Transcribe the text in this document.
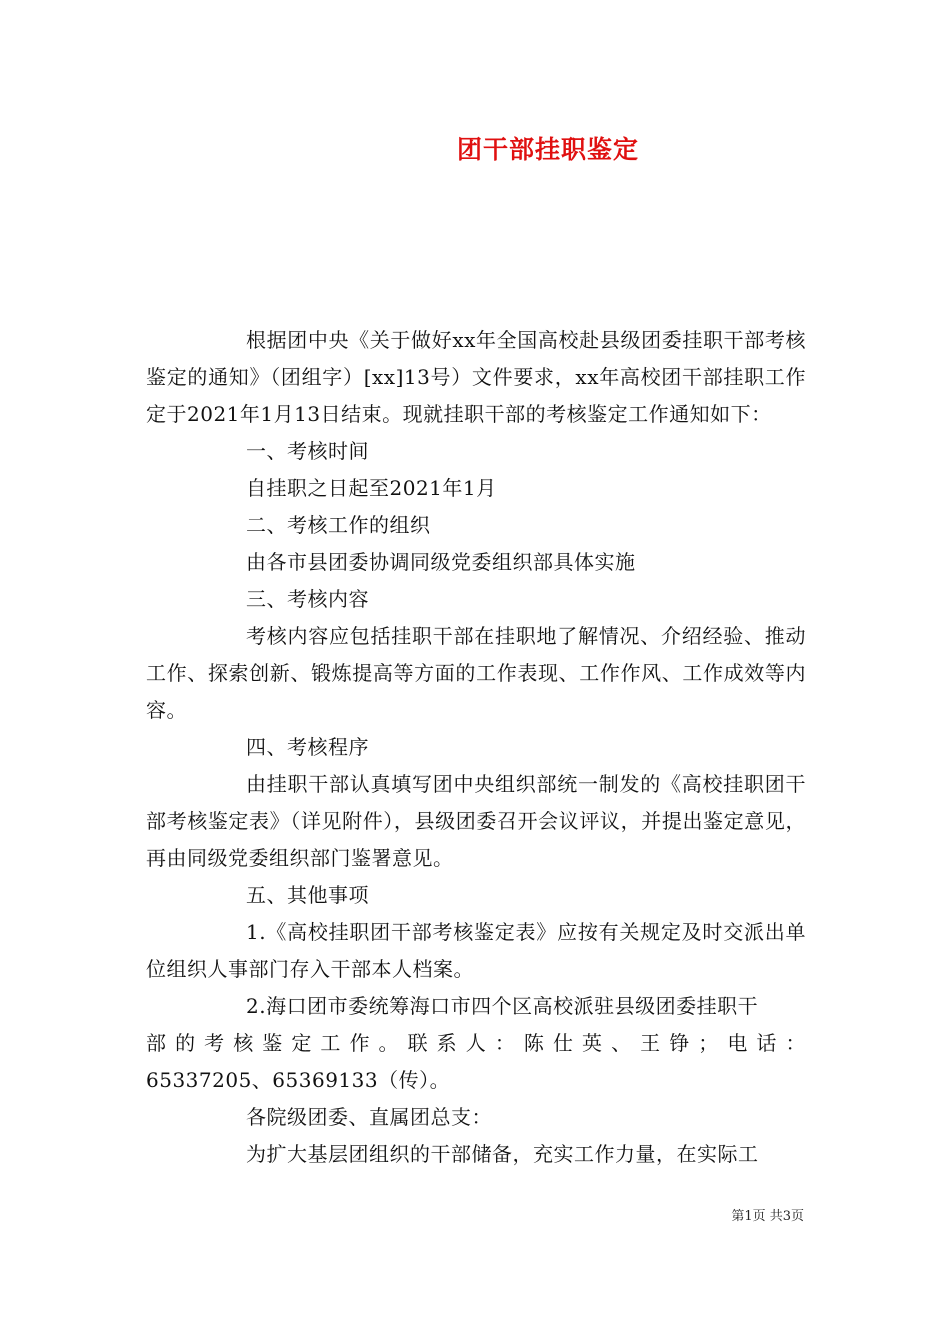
团干部挂职鉴定

根据团中央《关于做好xx年全国高校赴县级团委挂职干部考核鉴定的通知》（团组字）[xx]13号）文件要求，xx年高校团干部挂职工作定于2021年1月13日结束。现就挂职干部的考核鉴定工作通知如下：

一、考核时间

自挂职之日起至2021年1月

二、考核工作的组织

由各市县团委协调同级党委组织部具体实施

三、考核内容

考核内容应包括挂职干部在挂职地了解情况、介绍经验、推动工作、探索创新、锻炼提高等方面的工作表现、工作作风、工作成效等内容。

四、考核程序

由挂职干部认真填写团中央组织部统一制发的《高校挂职团干部考核鉴定表》（详见附件），县级团委召开会议评议，并提出鉴定意见，再由同级党委组织部门鉴署意见。

五、其他事项

1.《高校挂职团干部考核鉴定表》应按有关规定及时交派出单位组织人事部门存入干部本人档案。

2.海口团市委统筹海口市四个区高校派驻县级团委挂职干

部的考核鉴定工作。联系人：陈仕英、王铮；电话：

65337205、65369133（传）。

各院级团委、直属团总支：

为扩大基层团组织的干部储备，充实工作力量，在实际工

第1页 共3页
